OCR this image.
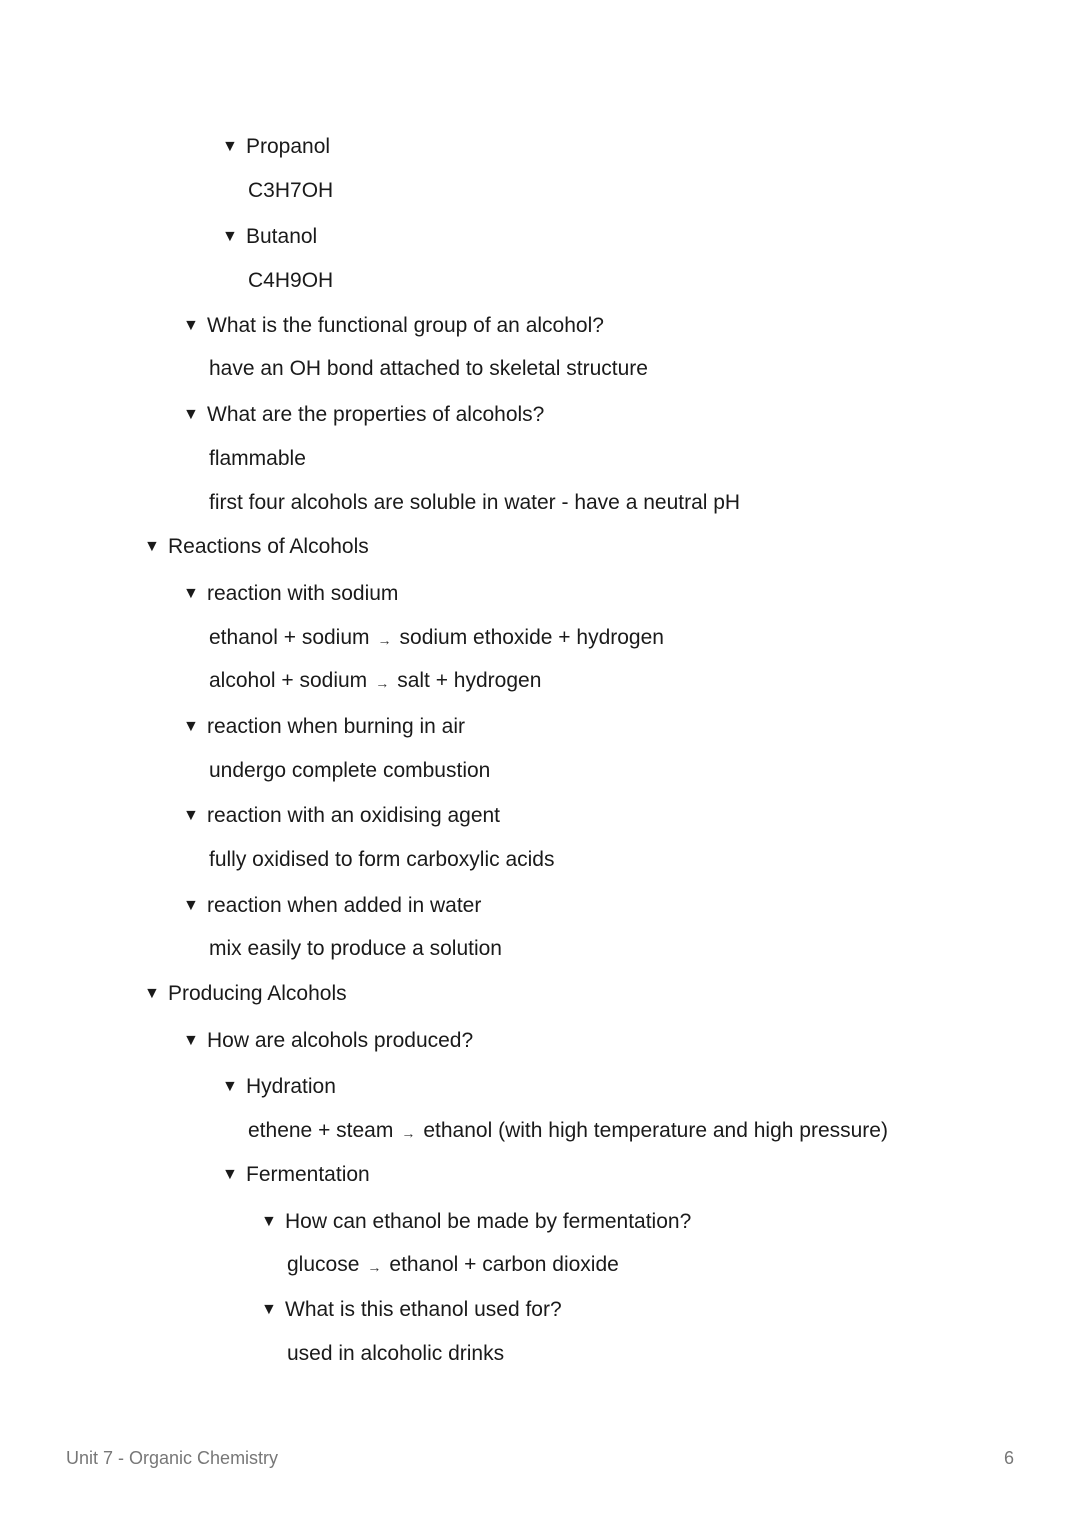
▼ Propanol
C3H7OH
▼ Butanol
C4H9OH
▼ What is the functional group of an alcohol?
have an OH bond attached to skeletal structure
▼ What are the properties of alcohols?
flammable
first four alcohols are soluble in water - have a neutral pH
▼ Reactions of Alcohols
▼ reaction with sodium
ethanol + sodium → sodium ethoxide + hydrogen
alcohol + sodium → salt + hydrogen
▼ reaction when burning in air
undergo complete combustion
▼ reaction with an oxidising agent
fully oxidised to form carboxylic acids
▼ reaction when added in water
mix easily to produce a solution
▼ Producing Alcohols
▼ How are alcohols produced?
▼ Hydration
ethene + steam → ethanol (with high temperature and high pressure)
▼ Fermentation
▼ How can ethanol be made by fermentation?
glucose → ethanol + carbon dioxide
▼ What is this ethanol used for?
used in alcoholic drinks
Unit 7 - Organic Chemistry	6
